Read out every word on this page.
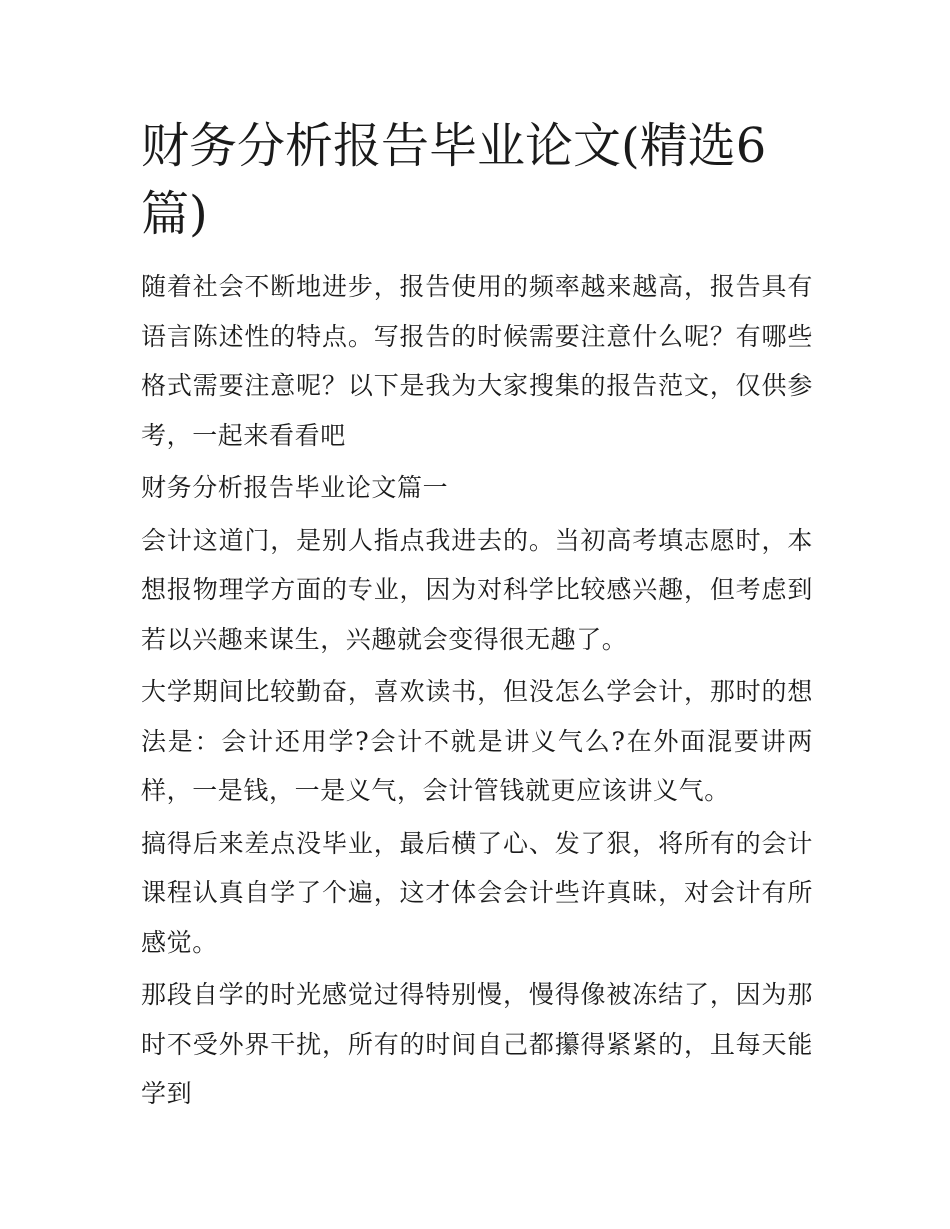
财务分析报告毕业论文(精选6篇)

随着社会不断地进步，报告使用的频率越来越高，报告具有语言陈述性的特点。写报告的时候需要注意什么呢？有哪些格式需要注意呢？以下是我为大家搜集的报告范文，仅供参考，一起来看看吧

财务分析报告毕业论文篇一

会计这道门，是别人指点我进去的。当初高考填志愿时，本想报物理学方面的专业，因为对科学比较感兴趣，但考虑到若以兴趣来谋生，兴趣就会变得很无趣了。

大学期间比较勤奋，喜欢读书，但没怎么学会计，那时的想法是：会计还用学?会计不就是讲义气么?在外面混要讲两样，一是钱，一是义气，会计管钱就更应该讲义气。

搞得后来差点没毕业，最后横了心、发了狠，将所有的会计课程认真自学了个遍，这才体会会计些许真昧，对会计有所感觉。

那段自学的时光感觉过得特别慢，慢得像被冻结了，因为那时不受外界干扰，所有的时间自己都攥得紧紧的，且每天能学到
